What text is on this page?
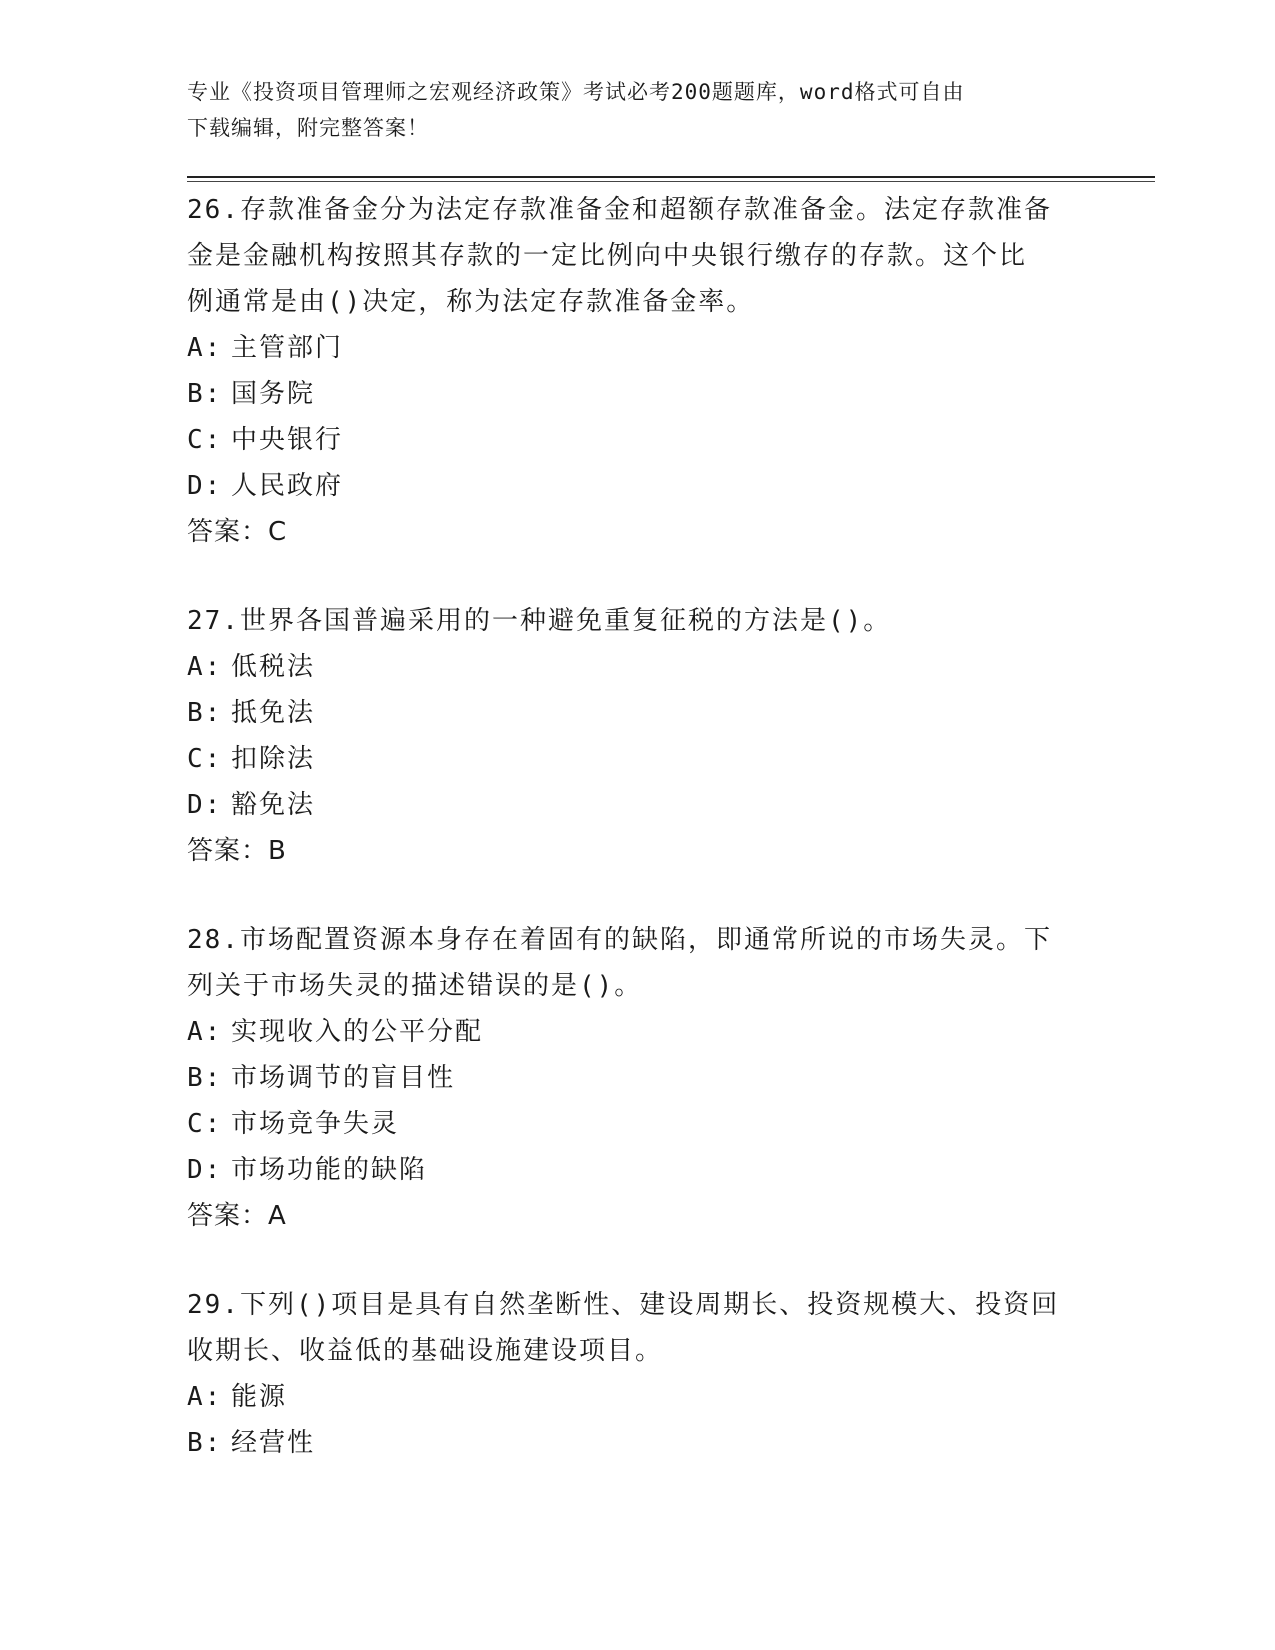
专业《投资项目管理师之宏观经济政策》考试必考200题题库，word格式可自由
下载编辑，附完整答案！
26.存款准备金分为法定存款准备金和超额存款准备金。法定存款准备
金是金融机构按照其存款的一定比例向中央银行缴存的存款。这个比
例通常是由()决定，称为法定存款准备金率。
A: 主管部门
B: 国务院
C: 中央银行
D: 人民政府
答案：C
27.世界各国普遍采用的一种避免重复征税的方法是()。
A: 低税法
B: 抵免法
C: 扣除法
D: 豁免法
答案：B
28.市场配置资源本身存在着固有的缺陷，即通常所说的市场失灵。下
列关于市场失灵的描述错误的是()。
A: 实现收入的公平分配
B: 市场调节的盲目性
C: 市场竞争失灵
D: 市场功能的缺陷
答案：A
29.下列()项目是具有自然垄断性、建设周期长、投资规模大、投资回
收期长、收益低的基础设施建设项目。
A: 能源
B: 经营性
